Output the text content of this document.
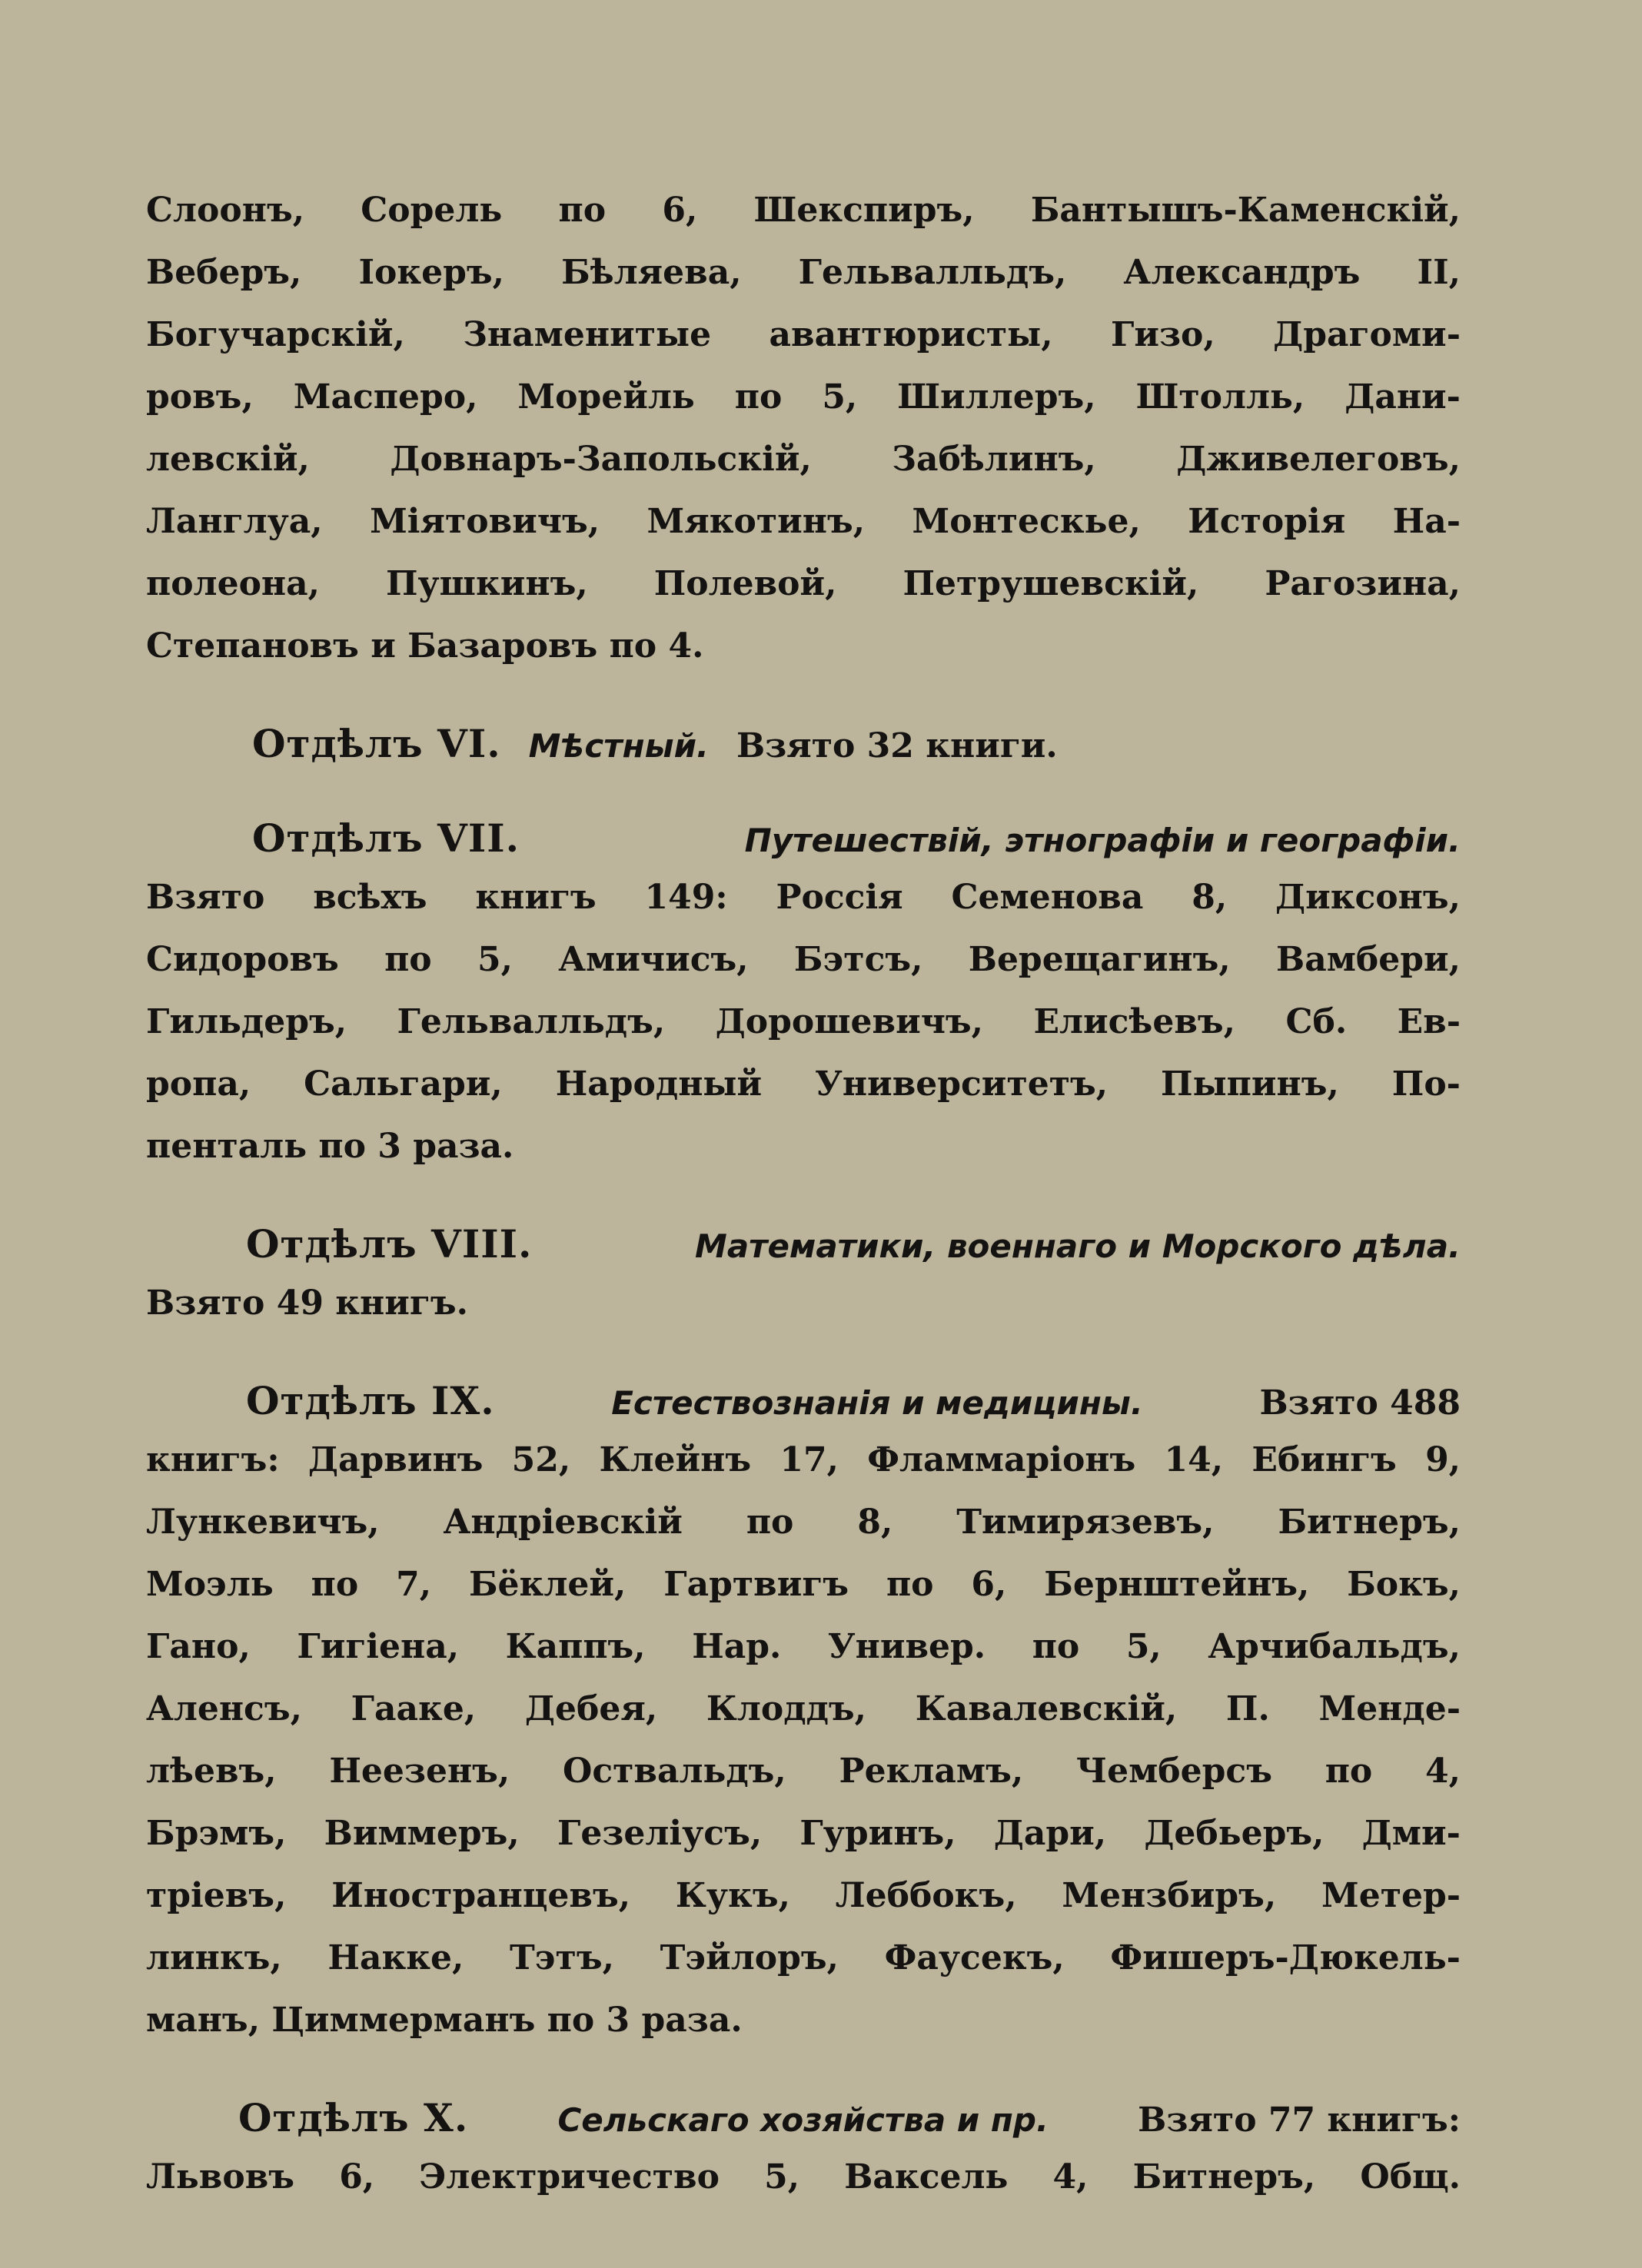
Слоонъ, Сорель по 6, Шекспиръ, Бантышъ-Каменскій,
Веберъ, Іокеръ, Бѣляева, Гельвалльдъ, Александръ II,
Богучарскій, Знаменитые авантюристы, Гизо, Драгоми-
ровъ, Масперо, Морейль по 5, Шиллеръ, Штолль, Дани-
левскій, Довнаръ-Запольскій, Забѣлинъ, Дживелеговъ,
Ланглуа, Міятовичъ, Мякотинъ, Монтескье, Исторія На-
полеона, Пушкинъ, Полевой, Петрушевскій, Рагозина,
Степановъ и Базаровъ по 4.
Отдѣлъ VI. Мѣстный. Взято 32 книги.
Отдѣлъ VII.	Путешествій, этнографіи и географіи.
Взято всѣхъ книгъ 149: Россія Семенова 8, Диксонъ,
Сидоровъ по 5, Амичисъ, Бэтсъ, Верещагинъ, Вамбери,
Гильдеръ, Гельвалльдъ, Дорошевичъ, Елисѣевъ, Сб. Ев-
ропа, Сальгари, Народный Университетъ, Пыпинъ, По-
пенталь по 3 раза.
Отдѣлъ VIII.	Математики, военнаго и Морского дѣла.
Взято 49 книгъ.
Отдѣлъ IX.	Естествознанія и медицины.	Взято 488
книгъ: Дарвинъ 52, Клейнъ 17, Фламмаріонъ 14, Ебингъ 9,
Лункевичъ, Андріевскій по 8, Тимирязевъ, Битнеръ,
Моэль по 7, Бёклей, Гартвигъ по 6, Бернштейнъ, Бокъ,
Гано, Гигіена, Каппъ, Нар. Универ. по 5, Арчибальдъ,
Аленсъ, Гааке, Дебея, Клоддъ, Кавалевскій, П. Менде-
лѣевъ, Неезенъ, Оствальдъ, Рекламъ, Чемберсъ по 4,
Брэмъ, Виммеръ, Гезеліусъ, Гуринъ, Дари, Дебьеръ, Дми-
тріевъ, Иностранцевъ, Кукъ, Леббокъ, Мензбиръ, Метер-
линкъ, Накке, Тэтъ, Тэйлоръ, Фаусекъ, Фишеръ-Дюкель-
манъ, Циммерманъ по 3 раза.
Отдѣлъ X.	Сельскаго хозяйства и пр.	Взято 77 книгъ:
Львовъ 6, Электричество 5, Ваксель 4, Битнеръ, Общ.
